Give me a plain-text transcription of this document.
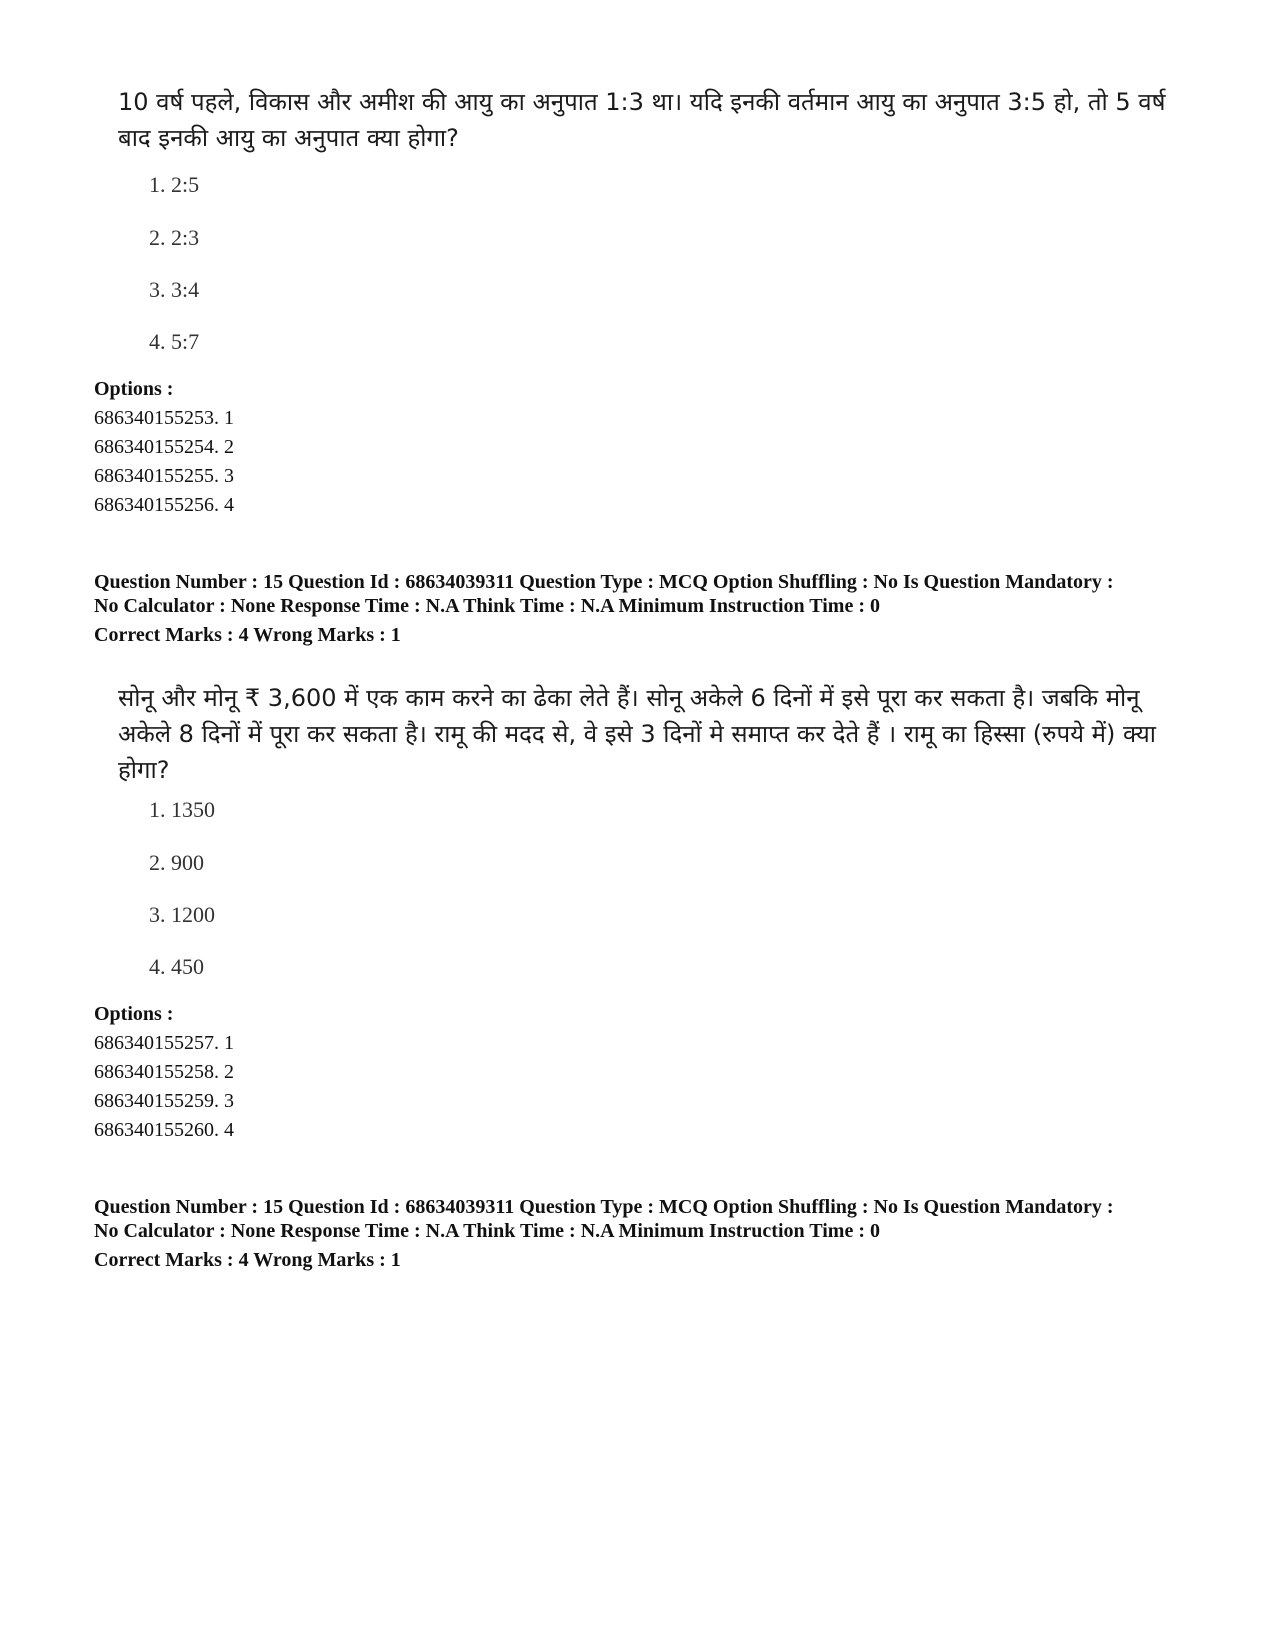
10 वर्ष पहले, विकास और अमीश की आयु का अनुपात 1:3 था। यदि इनकी वर्तमान आयु का अनुपात 3:5 हो, तो 5 वर्ष बाद इनकी आयु का अनुपात क्या होगा?
1. 2:5
2. 2:3
3. 3:4
4. 5:7
Options :
686340155253. 1
686340155254. 2
686340155255. 3
686340155256. 4
Question Number : 15 Question Id : 68634039311 Question Type : MCQ Option Shuffling : No Is Question Mandatory :
No Calculator : None Response Time : N.A Think Time : N.A Minimum Instruction Time : 0
Correct Marks : 4 Wrong Marks : 1
सोनू और मोनू ₹ 3,600 में एक काम करने का ढेका लेते हैं। सोनू अकेले 6 दिनों में इसे पूरा कर सकता है। जबकि मोनू अकेले 8 दिनों में पूरा कर सकता है। रामू की मदद से, वे इसे 3 दिनों मे समाप्त कर देते हैं । रामू का हिस्सा (रुपये में) क्या होगा?
1. 1350
2. 900
3. 1200
4. 450
Options :
686340155257. 1
686340155258. 2
686340155259. 3
686340155260. 4
Question Number : 15 Question Id : 68634039311 Question Type : MCQ Option Shuffling : No Is Question Mandatory :
No Calculator : None Response Time : N.A Think Time : N.A Minimum Instruction Time : 0
Correct Marks : 4 Wrong Marks : 1
